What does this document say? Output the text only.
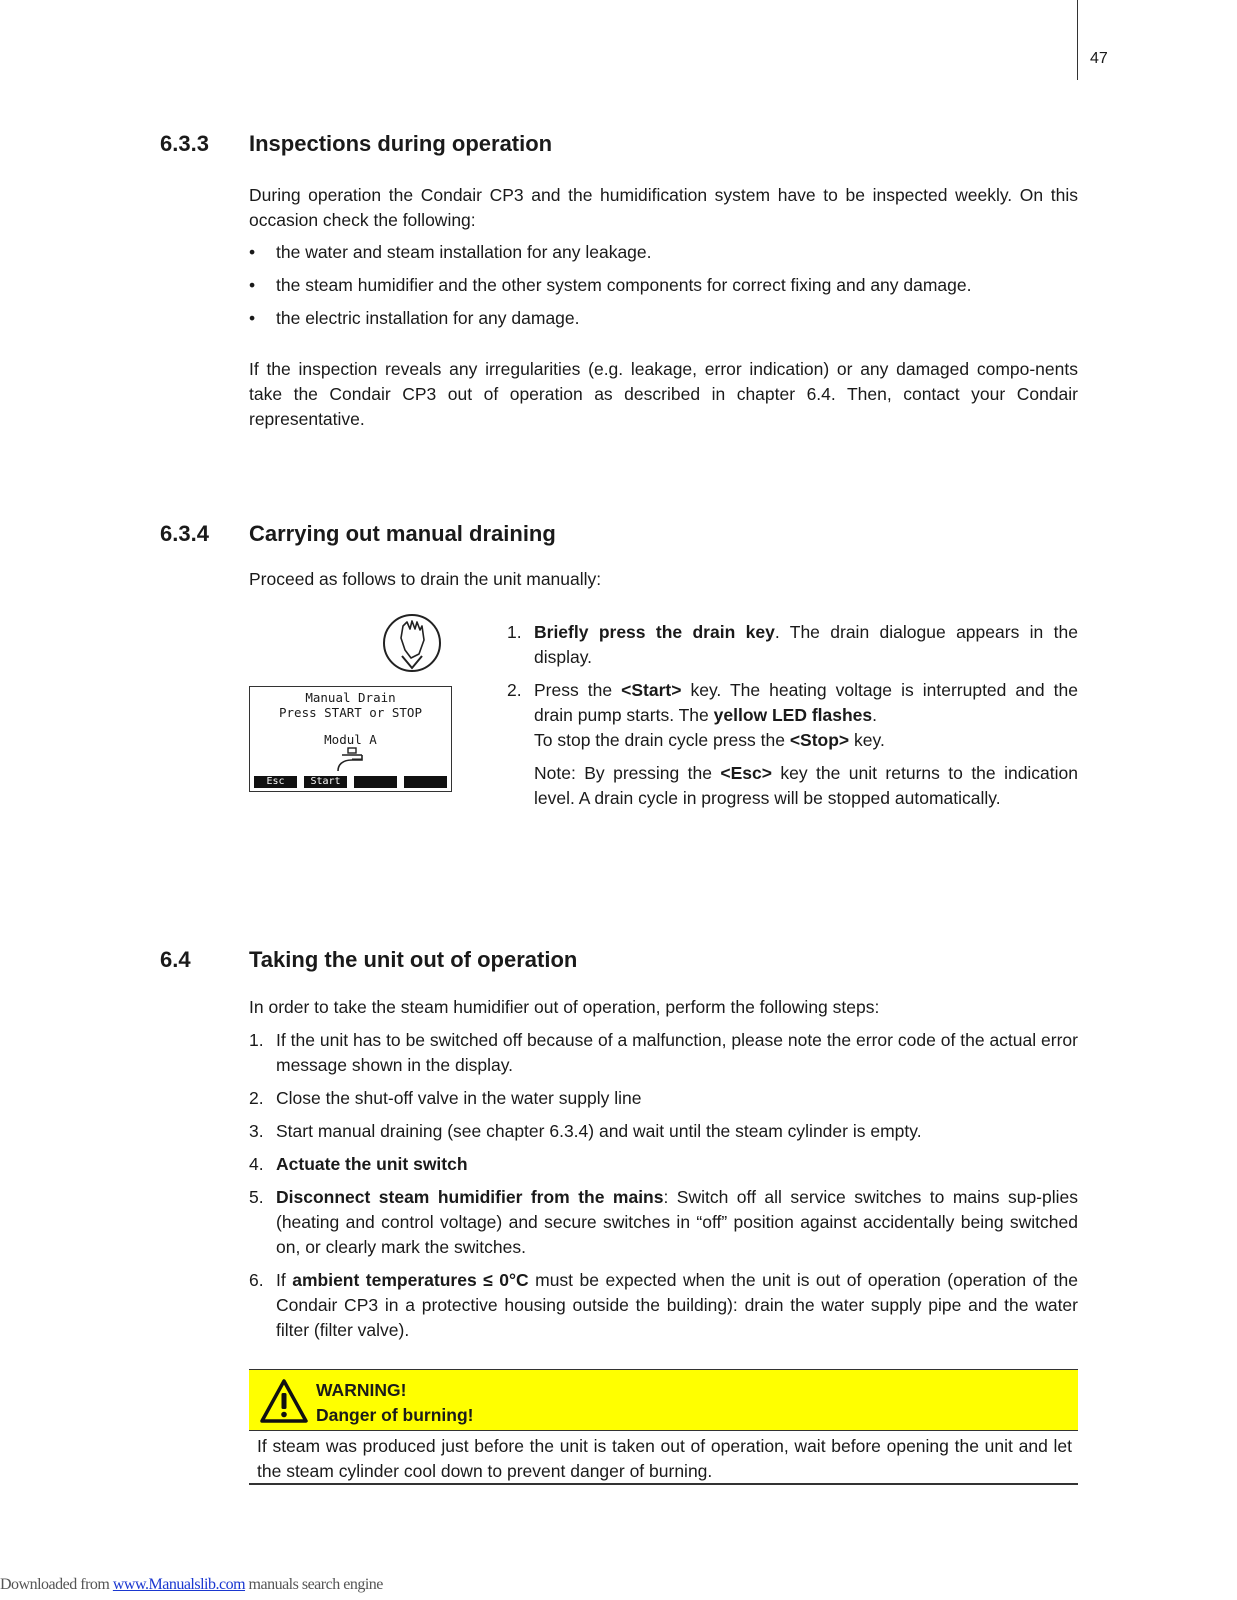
47
6.3.3 Inspections during operation

During operation the Condair CP3 and the humidification system have to be inspected weekly. On this occasion check the following:

• the water and steam installation for any leakage.
• the steam humidifier and the other system components for correct fixing and any damage.
• the electric installation for any damage.

If the inspection reveals any irregularities (e.g. leakage, error indication) or any damaged compo-nents take the Condair CP3 out of operation as described in chapter 6.4. Then, contact your Condair representative.

6.3.4 Carrying out manual draining

Proceed as follows to drain the unit manually:

Manual Drain
Press START or STOP
Modul A
Esc	Start
1. Briefly press the drain key. The drain dialogue appears in the display.
2. Press the <Start> key. The heating voltage is interrupted and the drain pump starts. The yellow LED flashes.
To stop the drain cycle press the <Stop> key.
Note: By pressing the <Esc> key the unit returns to the indication level. A drain cycle in progress will be stopped automatically.
6.4	Taking the unit out of operation

In order to take the steam humidifier out of operation, perform the following steps:

1. If the unit has to be switched off because of a malfunction, please note the error code of the actual error message shown in the display.
2. Close the shut-off valve in the water supply line
3. Start manual draining (see chapter 6.3.4) and wait until the steam cylinder is empty.
4. Actuate the unit switch
5. Disconnect steam humidifier from the mains: Switch off all service switches to mains sup-plies (heating and control voltage) and secure switches in “off” position against accidentally being switched on, or clearly mark the switches.
6. If ambient temperatures ≤ 0°C must be expected when the unit is out of operation (operation of the Condair CP3 in a protective housing outside the building): drain the water supply pipe and the water filter (filter valve).
WARNING!
Danger of burning!

If steam was produced just before the unit is taken out of operation, wait before opening the unit and let the steam cylinder cool down to prevent danger of burning.

Downloaded from www.Manualslib.com manuals search engine
